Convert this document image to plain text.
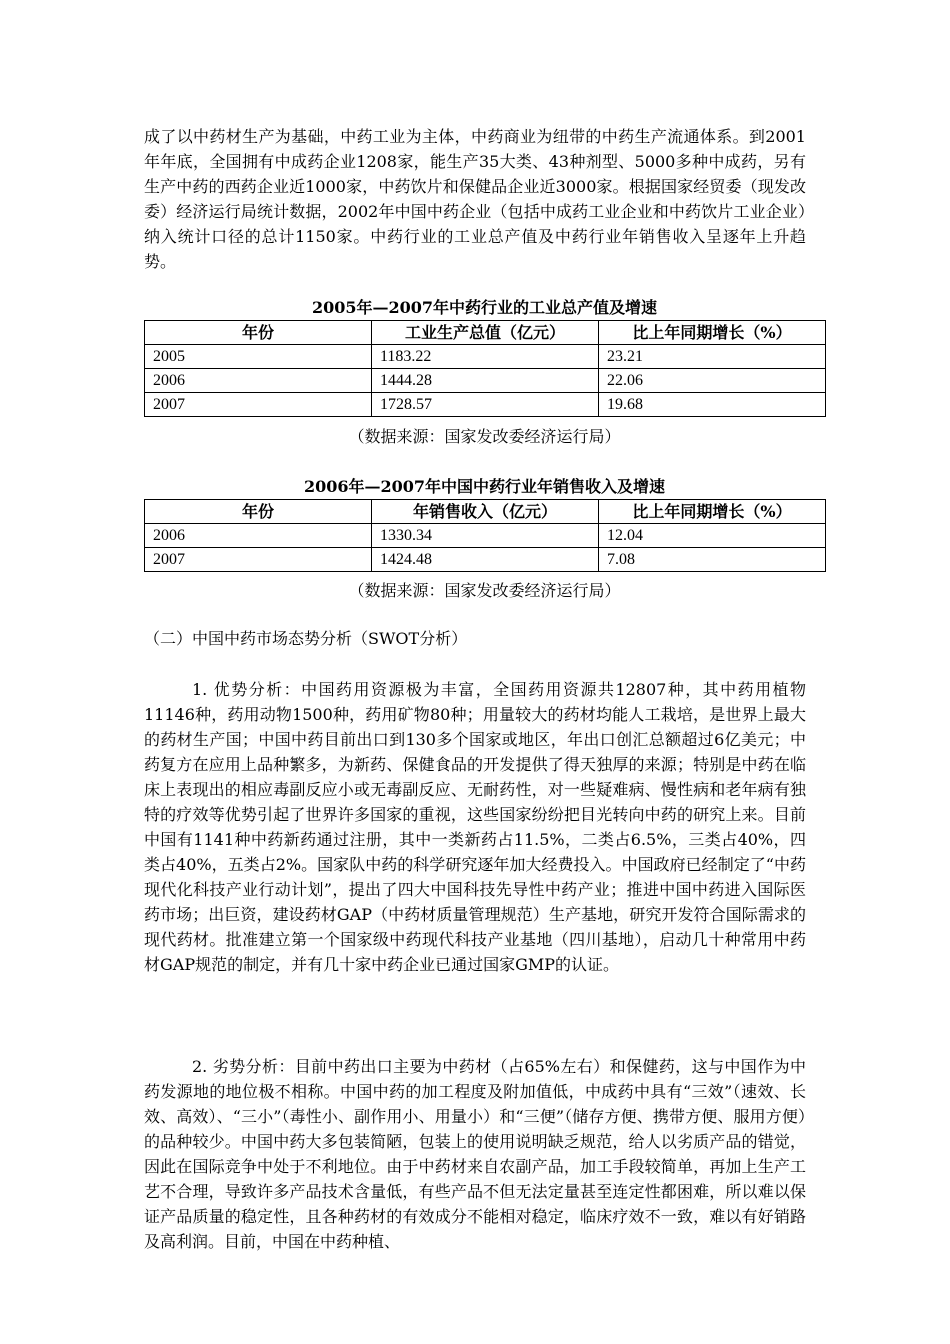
成了以中药材生产为基础，中药工业为主体，中药商业为纽带的中药生产流通体系。到2001年年底，全国拥有中成药企业1208家，能生产35大类、43种剂型、5000多种中成药，另有生产中药的西药企业近1000家，中药饮片和保健品企业近3000家。根据国家经贸委（现发改委）经济运行局统计数据，2002年中国中药企业（包括中成药工业企业和中药饮片工业企业）纳入统计口径的总计1150家。中药行业的工业总产值及中药行业年销售收入呈逐年上升趋势。

2005年—2007年中药行业的工业总产值及增速
年份	工业生产总值（亿元）	比上年同期增长（%）
2005	1183.22	23.21
2006	1444.28	22.06
2007	1728.57	19.68
（数据来源：国家发改委经济运行局）
2006年—2007年中国中药行业年销售收入及增速
年份	年销售收入（亿元）	比上年同期增长（%）
2006	1330.34	12.04
2007	1424.48	7.08
（数据来源：国家发改委经济运行局）
（二）中国中药市场态势分析（SWOT分析）

1. 优势分析：中国药用资源极为丰富，全国药用资源共12807种，其中药用植物11146种，药用动物1500种，药用矿物80种；用量较大的药材均能人工栽培，是世界上最大的药材生产国；中国中药目前出口到130多个国家或地区，年出口创汇总额超过6亿美元；中药复方在应用上品种繁多，为新药、保健食品的开发提供了得天独厚的来源；特别是中药在临床上表现出的相应毒副反应小或无毒副反应、无耐药性，对一些疑难病、慢性病和老年病有独特的疗效等优势引起了世界许多国家的重视，这些国家纷纷把目光转向中药的研究上来。目前中国有1141种中药新药通过注册，其中一类新药占11.5%，二类占6.5%，三类占40%，四类占40%，五类占2%。国家队中药的科学研究逐年加大经费投入。中国政府已经制定了“中药现代化科技产业行动计划”，提出了四大中国科技先导性中药产业；推进中国中药进入国际医药市场；出巨资，建设药材GAP（中药材质量管理规范）生产基地，研究开发符合国际需求的现代药材。批准建立第一个国家级中药现代科技产业基地（四川基地），启动几十种常用中药材GAP规范的制定，并有几十家中药企业已通过国家GMP的认证。

2. 劣势分析：目前中药出口主要为中药材（占65%左右）和保健药，这与中国作为中药发源地的地位极不相称。中国中药的加工程度及附加值低，中成药中具有“三效”（速效、长效、高效）、“三小”（毒性小、副作用小、用量小）和“三便”（储存方便、携带方便、服用方便）的品种较少。中国中药大多包装简陋，包装上的使用说明缺乏规范，给人以劣质产品的错觉，因此在国际竞争中处于不利地位。由于中药材来自农副产品，加工手段较简单，再加上生产工艺不合理，导致许多产品技术含量低，有些产品不但无法定量甚至连定性都困难，所以难以保证产品质量的稳定性，且各种药材的有效成分不能相对稳定，临床疗效不一致，难以有好销路及高利润。目前，中国在中药种植、
